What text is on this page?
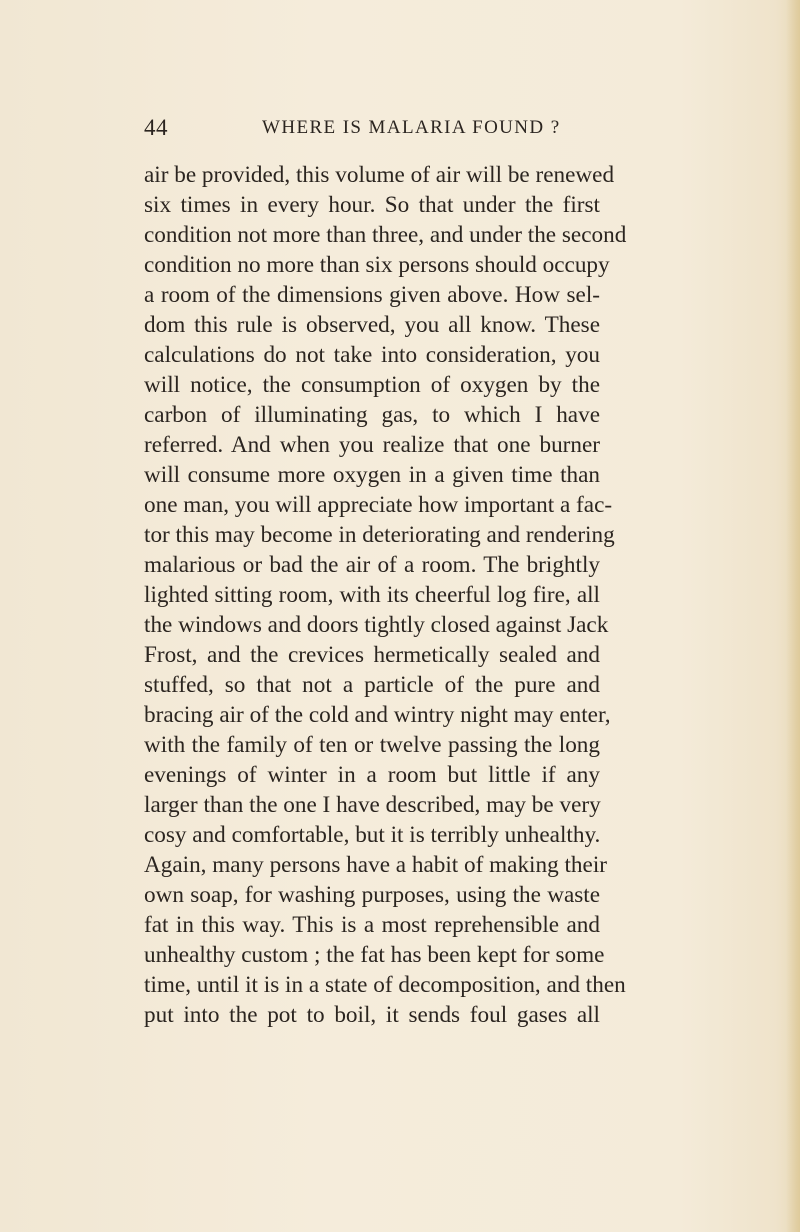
44	WHERE IS MALARIA FOUND ?
air be provided, this volume of air will be renewed
six times in every hour. So that under the first
condition not more than three, and under the second
condition no more than six persons should occupy
a room of the dimensions given above. How sel-
dom this rule is observed, you all know. These
calculations do not take into consideration, you
will notice, the consumption of oxygen by the
carbon of illuminating gas, to which I have
referred. And when you realize that one burner
will consume more oxygen in a given time than
one man, you will appreciate how important a fac-
tor this may become in deteriorating and rendering
malarious or bad the air of a room. The brightly
lighted sitting room, with its cheerful log fire, all
the windows and doors tightly closed against Jack
Frost, and the crevices hermetically sealed and
stuffed, so that not a particle of the pure and
bracing air of the cold and wintry night may enter,
with the family of ten or twelve passing the long
evenings of winter in a room but little if any
larger than the one I have described, may be very
cosy and comfortable, but it is terribly unhealthy.
Again, many persons have a habit of making their
own soap, for washing purposes, using the waste
fat in this way. This is a most reprehensible and
unhealthy custom ; the fat has been kept for some
time, until it is in a state of decomposition, and then
put into the pot to boil, it sends foul gases all
